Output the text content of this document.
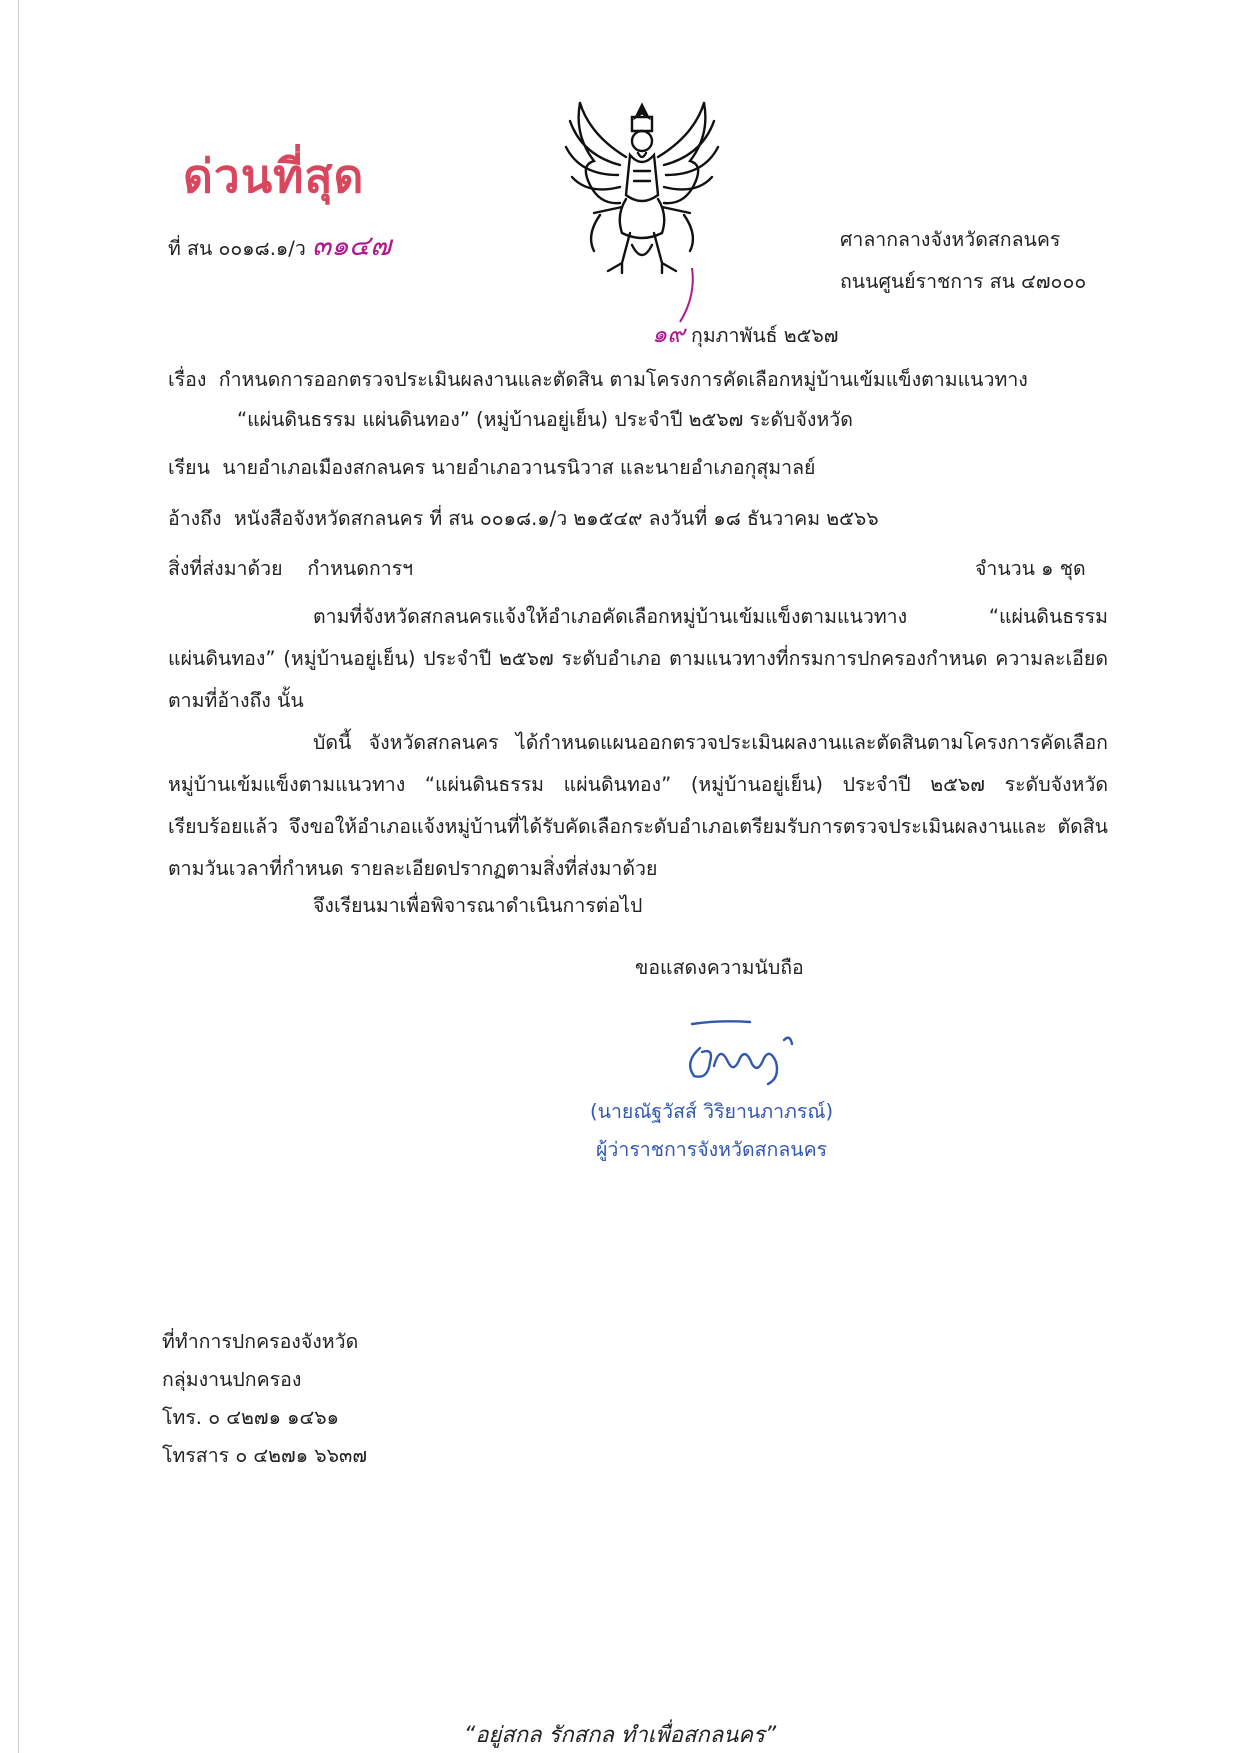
ด่วนที่สุด
ที่ สน ๐๐๑๘.๑/ว ๓๑๔๗	ศาลากลางจังหวัดสกลนคร
ถนนศูนย์ราชการ สน ๔๗๐๐๐
๑๙ กุมภาพันธ์ ๒๕๖๗
เรื่อง กำหนดการออกตรวจประเมินผลงานและตัดสิน ตามโครงการคัดเลือกหมู่บ้านเข้มแข็งตามแนวทาง
“แผ่นดินธรรม แผ่นดินทอง” (หมู่บ้านอยู่เย็น) ประจำปี ๒๕๖๗ ระดับจังหวัด
เรียน นายอำเภอเมืองสกลนคร นายอำเภอวานรนิวาส และนายอำเภอกุสุมาลย์
อ้างถึง หนังสือจังหวัดสกลนคร ที่ สน ๐๐๑๘.๑/ว ๒๑๕๔๙ ลงวันที่ ๑๘ ธันวาคม ๒๕๖๖
สิ่งที่ส่งมาด้วย กำหนดการฯ	จำนวน ๑ ชุด
ตามที่จังหวัดสกลนครแจ้งให้อำเภอคัดเลือกหมู่บ้านเข้มแข็งตามแนวทาง “แผ่นดินธรรม แผ่นดินทอง” (หมู่บ้านอยู่เย็น) ประจำปี ๒๕๖๗ ระดับอำเภอ ตามแนวทางที่กรมการปกครองกำหนด ความละเอียดตามที่อ้างถึง นั้น
บัดนี้ จังหวัดสกลนคร ได้กำหนดแผนออกตรวจประเมินผลงานและตัดสินตามโครงการคัดเลือก หมู่บ้านเข้มแข็งตามแนวทาง “แผ่นดินธรรม แผ่นดินทอง” (หมู่บ้านอยู่เย็น) ประจำปี ๒๕๖๗ ระดับจังหวัด เรียบร้อยแล้ว จึงขอให้อำเภอแจ้งหมู่บ้านที่ได้รับคัดเลือกระดับอำเภอเตรียมรับการตรวจประเมินผลงานและ ตัดสิน ตามวันเวลาที่กำหนด รายละเอียดปรากฏตามสิ่งที่ส่งมาด้วย
จึงเรียนมาเพื่อพิจารณาดำเนินการต่อไป
ขอแสดงความนับถือ
(นายณัฐวัสส์ วิริยานภาภรณ์)
ผู้ว่าราชการจังหวัดสกลนคร
ที่ทำการปกครองจังหวัด
กลุ่มงานปกครอง
โทร. ๐ ๔๒๗๑ ๑๔๖๑
โทรสาร ๐ ๔๒๗๑ ๖๖๓๗
“อยู่สกล รักสกล ทำเพื่อสกลนคร”
